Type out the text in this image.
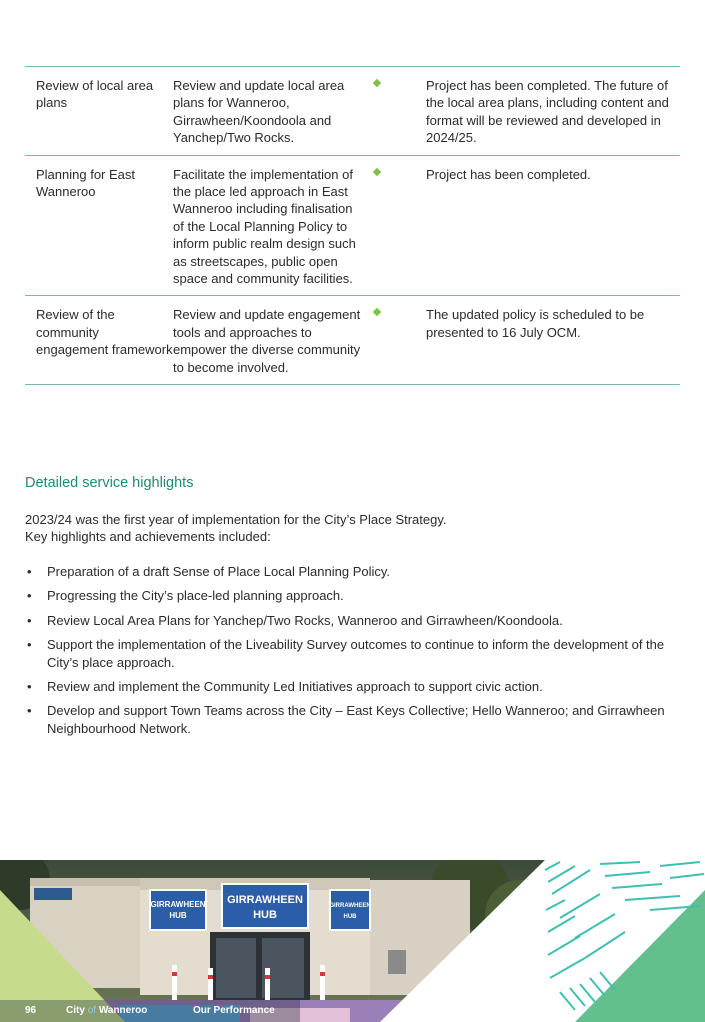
Review of local area plans
Review and update local area plans for Wanneroo, Girrawheen/Koondoola and Yanchep/Two Rocks.
Project has been completed. The future of the local area plans, including content and format will be reviewed and developed in 2024/25.
Planning for East Wanneroo
Facilitate the implementation of the place led approach in East Wanneroo including finalisation of the Local Planning Policy to inform public realm design such as streetscapes, public open space and community facilities.
Project has been completed.
Review of the community engagement framework
Review and update engagement tools and approaches to empower the diverse community to become involved.
The updated policy is scheduled to be presented to 16 July OCM.
Detailed service highlights
2023/24 was the first year of implementation for the City’s Place Strategy.
Key highlights and achievements included:
• Preparation of a draft Sense of Place Local Planning Policy.
• Progressing the City’s place-led planning approach.
• Review Local Area Plans for Yanchep/Two Rocks, Wanneroo and Girrawheen/Koondoola.
• Support the implementation of the Liveability Survey outcomes to continue to inform the development of the City’s place approach.
• Review and implement the Community Led Initiatives approach to support civic action.
• Develop and support Town Teams across the City – East Keys Collective; Hello Wanneroo; and Girrawheen Neighbourhood Network.
GIRRAWHEEN
HUB
GIRRAWHEEN
HUB
GIRRAWHEEN
HUB
96	City of Wanneroo	Our Performance
